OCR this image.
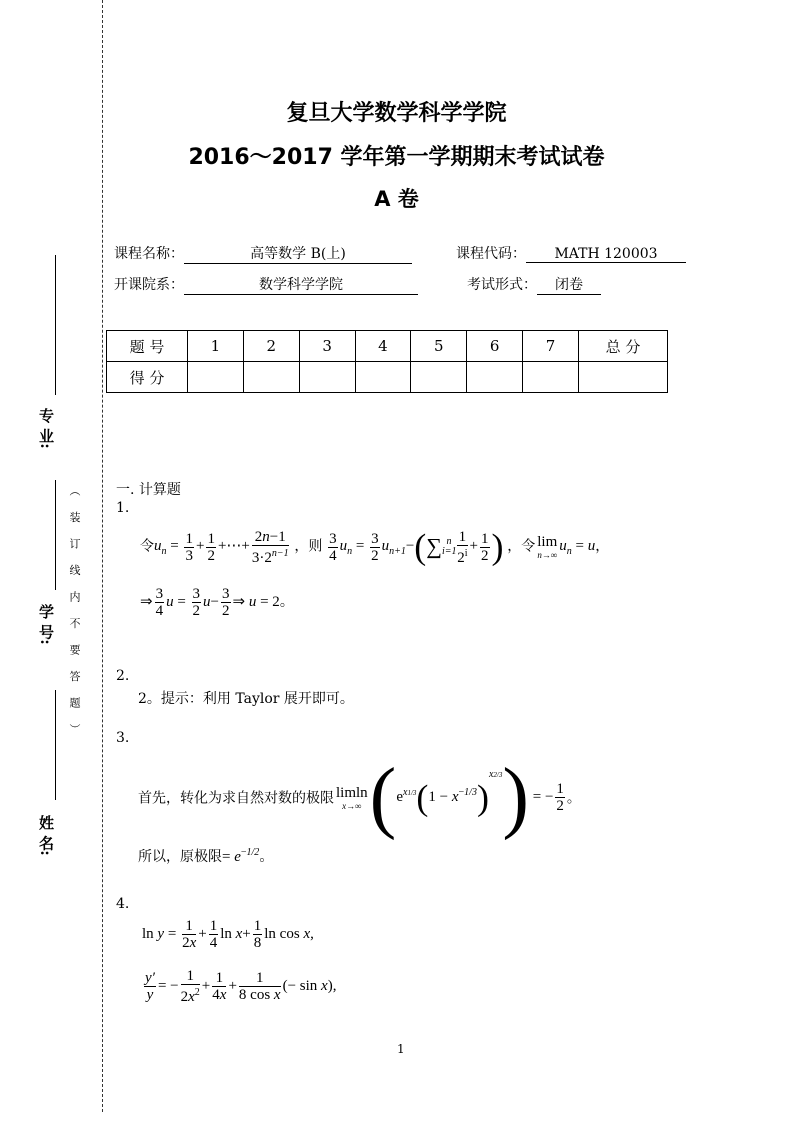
专 业:
学 号: （ 装 订 线 内 不 要 答 题 ）
姓 名:
复旦大学数学科学学院
2016～2017 学年第一学期期末考试试卷
A 卷
课程名称：	高等数学 B(上)	课程代码： MATH 120003
开课院系：	数学科学学院	考试形式： 闭卷
题 号	1	2	3	4	5	6	7	总 分
得 分								
一. 计算题
1.
令$u_n = \frac{1}{3} + \frac{1}{2}$ +⋯+ $\frac{2n-1}{3\cdot 2^{n-1}}$ ，则 $\frac{3}{4} u_n = \frac{3}{2} u_{n+1}-(\sum_{i=1}^n \frac{1}{2^i} + \frac{1}{2}$ ) ，令 lim
n→∞
$u_n = u$，
⇒ $\frac{3}{4}$ $u = \frac{3}{2} u- \frac{3}{2}$ ⇒ u = 2。
2.
2。提示：利用 Taylor 展开即可。
3.
首先，转化为求自然对数的极限 limln
x→∞ $(e^{x1/3}(1 - x^{-1/3})^{x2/3})$ = − $\frac{1}{2}$ 。
所以，原极限= $e^{-1/2}$。
4.
$\ln y = \frac{1}{2x} + \frac{1}{4}$ $\ln x+ \frac{1}{8}$ ln cos x,
$\frac{y'}{y}$ = − $\frac{1}{2x^2} + \frac{1}{4x} + \frac{1}{\text{8 cos x}}$ (− sin x),
1
